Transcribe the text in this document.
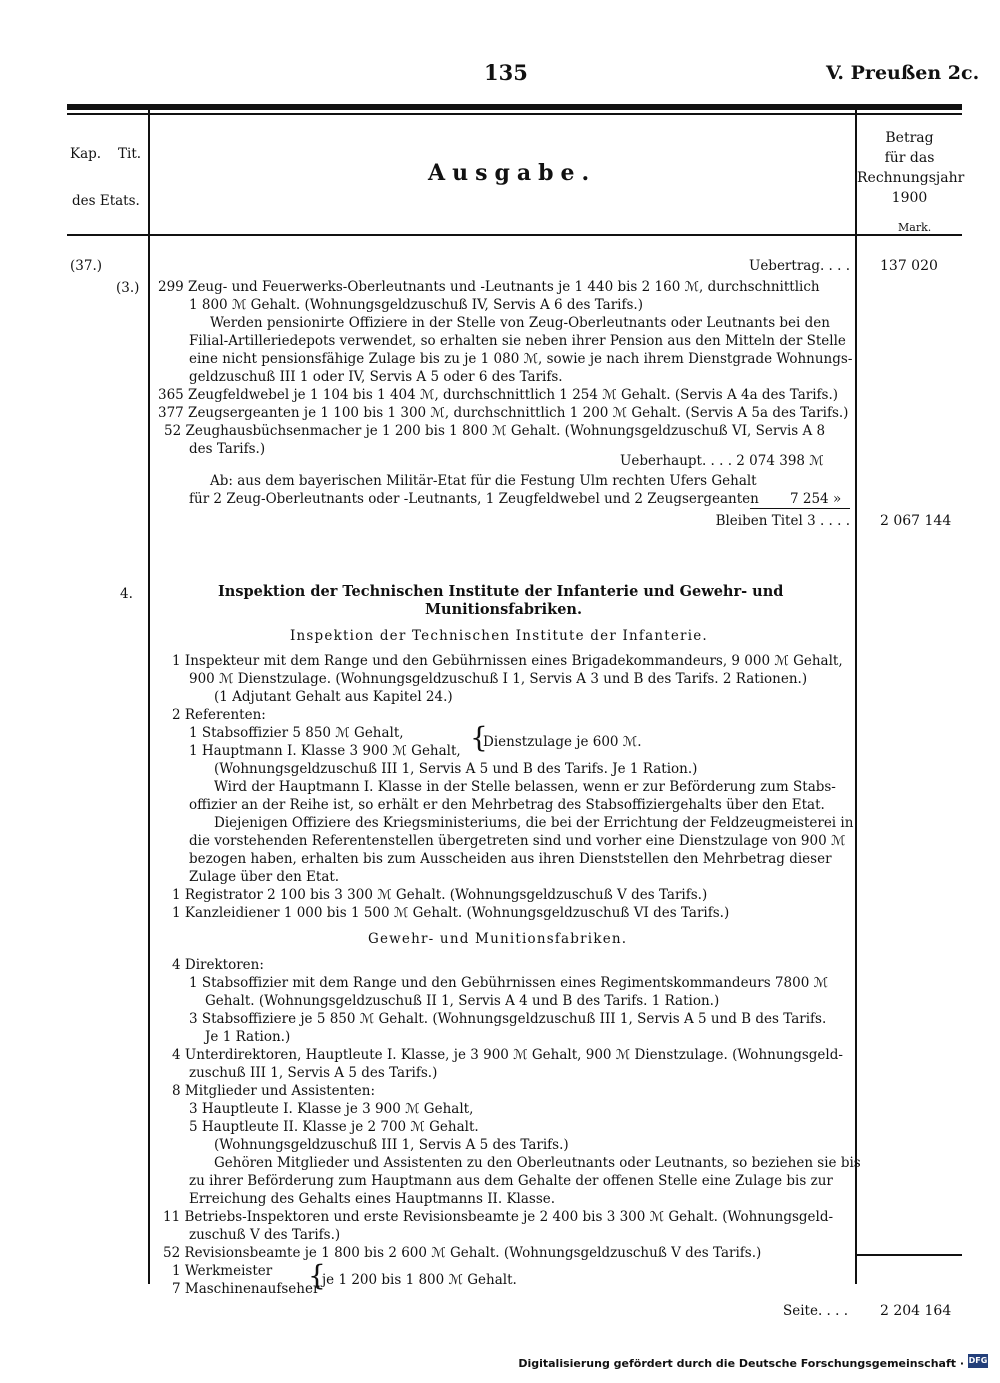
135	V. Preußen 2c.
Kap. Tit.
des Etats.
Ausgabe.
Betrag
für das
Rechnungsjahr
1900
Mark.
(37.)
(3.)
Uebertrag. . . . 137 020
299 Zeug- und Feuerwerks-Oberleutnants und -Leutnants je 1 440 bis 2 160 ℳ, durchschnittlich
1 800 ℳ Gehalt. (Wohnungsgeldzuschuß IV, Servis A 6 des Tarifs.)
Werden pensionirte Offiziere in der Stelle von Zeug-Oberleutnants oder Leutnants bei den
Filial-Artilleriedepots verwendet, so erhalten sie neben ihrer Pension aus den Mitteln der Stelle
eine nicht pensionsfähige Zulage bis zu je 1 080 ℳ, sowie je nach ihrem Dienstgrade Wohnungs-
geldzuschuß III 1 oder IV, Servis A 5 oder 6 des Tarifs.
365 Zeugfeldwebel je 1 104 bis 1 404 ℳ, durchschnittlich 1 254 ℳ Gehalt. (Servis A 4a des Tarifs.)
377 Zeugsergeanten je 1 100 bis 1 300 ℳ, durchschnittlich 1 200 ℳ Gehalt. (Servis A 5a des Tarifs.)
52 Zeughausbüchsenmacher je 1 200 bis 1 800 ℳ Gehalt. (Wohnungsgeldzuschuß VI, Servis A 8
des Tarifs.)
Ueberhaupt. . . . 2 074 398 ℳ
Ab: aus dem bayerischen Militär-Etat für die Festung Ulm rechten Ufers Gehalt
für 2 Zeug-Oberleutnants oder -Leutnants, 1 Zeugfeldwebel und 2 Zeugsergeanten 7 254 »
Bleiben Titel 3 . . . . 2 067 144
4.	Inspektion der Technischen Institute der Infanterie und Gewehr- und
Munitionsfabriken.
Inspektion der Technischen Institute der Infanterie.
1 Inspekteur mit dem Range und den Gebührnissen eines Brigadekommandeurs, 9 000 ℳ Gehalt,
900 ℳ Dienstzulage. (Wohnungsgeldzuschuß I 1, Servis A 3 und B des Tarifs. 2 Rationen.)
(1 Adjutant Gehalt aus Kapitel 24.)
2 Referenten:
1 Stabsoffizier 5 850 ℳ Gehalt,
1 Hauptmann I. Klasse 3 900 ℳ Gehalt, {
Dienstzulage je 600 ℳ.
(Wohnungsgeldzuschuß III 1, Servis A 5 und B des Tarifs. Je 1 Ration.)
Wird der Hauptmann I. Klasse in der Stelle belassen, wenn er zur Beförderung zum Stabs-
offizier an der Reihe ist, so erhält er den Mehrbetrag des Stabsoffiziergehalts über den Etat.
Diejenigen Offiziere des Kriegsministeriums, die bei der Errichtung der Feldzeugmeisterei in
die vorstehenden Referentenstellen übergetreten sind und vorher eine Dienstzulage von 900 ℳ
bezogen haben, erhalten bis zum Ausscheiden aus ihren Dienststellen den Mehrbetrag dieser
Zulage über den Etat.
1 Registrator 2 100 bis 3 300 ℳ Gehalt. (Wohnungsgeldzuschuß V des Tarifs.)
1 Kanzleidiener 1 000 bis 1 500 ℳ Gehalt. (Wohnungsgeldzuschuß VI des Tarifs.)
Gewehr- und Munitionsfabriken.
4 Direktoren:
1 Stabsoffizier mit dem Range und den Gebührnissen eines Regimentskommandeurs 7800 ℳ
Gehalt. (Wohnungsgeldzuschuß II 1, Servis A 4 und B des Tarifs. 1 Ration.)
3 Stabsoffiziere je 5 850 ℳ Gehalt. (Wohnungsgeldzuschuß III 1, Servis A 5 und B des Tarifs.
Je 1 Ration.)
4 Unterdirektoren, Hauptleute I. Klasse, je 3 900 ℳ Gehalt, 900 ℳ Dienstzulage. (Wohnungsgeld-
zuschuß III 1, Servis A 5 des Tarifs.)
8 Mitglieder und Assistenten:
3 Hauptleute I. Klasse je 3 900 ℳ Gehalt,
5 Hauptleute II. Klasse je 2 700 ℳ Gehalt.
(Wohnungsgeldzuschuß III 1, Servis A 5 des Tarifs.)
Gehören Mitglieder und Assistenten zu den Oberleutnants oder Leutnants, so beziehen sie bis
zu ihrer Beförderung zum Hauptmann aus dem Gehalte der offenen Stelle eine Zulage bis zur
Erreichung des Gehalts eines Hauptmanns II. Klasse.
11 Betriebs-Inspektoren und erste Revisionsbeamte je 2 400 bis 3 300 ℳ Gehalt. (Wohnungsgeld-
zuschuß V des Tarifs.)
52 Revisionsbeamte je 1 800 bis 2 600 ℳ Gehalt. (Wohnungsgeldzuschuß V des Tarifs.)
1 Werkmeister
7 Maschinenaufseher
{
je 1 200 bis 1 800 ℳ Gehalt.
Seite. . . . 2 204 164
Digitalisierung gefördert durch die Deutsche Forschungsgemeinschaft · DFG
